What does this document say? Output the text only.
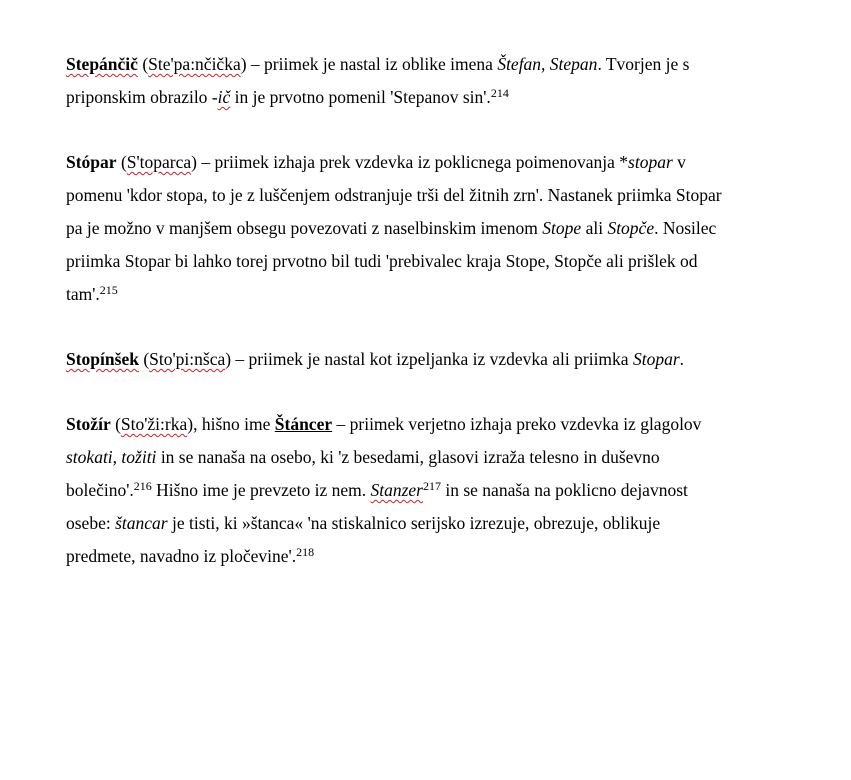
Stepánčič (Ste'pa:nčička) – priimek je nastal iz oblike imena Štefan, Stepan. Tvorjen je s
priponskim obrazilo -ič in je prvotno pomenil 'Stepanov sin'.$^{214}$
Stópar (S'toparca) – priimek izhaja prek vzdevka iz poklicnega poimenovanja *stopar v
pomenu 'kdor stopa, to je z luščenjem odstranjuje trši del žitnih zrn'. Nastanek priimka Stopar
pa je možno v manjšem obsegu povezovati z naselbinskim imenom Stope ali Stopče. Nosilec
priimka Stopar bi lahko torej prvotno bil tudi 'prebivalec kraja Stope, Stopče ali prišlek od
tam'.$^{215}$
Stopínšek (Sto'pi:nšca) – priimek je nastal kot izpeljanka iz vzdevka ali priimka Stopar.
Stožír (Sto'ži:rka), hišno ime Štáncer – priimek verjetno izhaja preko vzdevka iz glagolov
stokati, tožiti in se nanaša na osebo, ki 'z besedami, glasovi izraža telesno in duševno
bolečino'.$^{216}$ Hišno ime je prevzeto iz nem. Stanzer$^{217}$ in se nanaša na poklicno dejavnost
osebe: štancar je tisti, ki »štanca« 'na stiskalnico serijsko izrezuje, obrezuje, oblikuje
predmete, navadno iz pločevine'.$^{218}$
